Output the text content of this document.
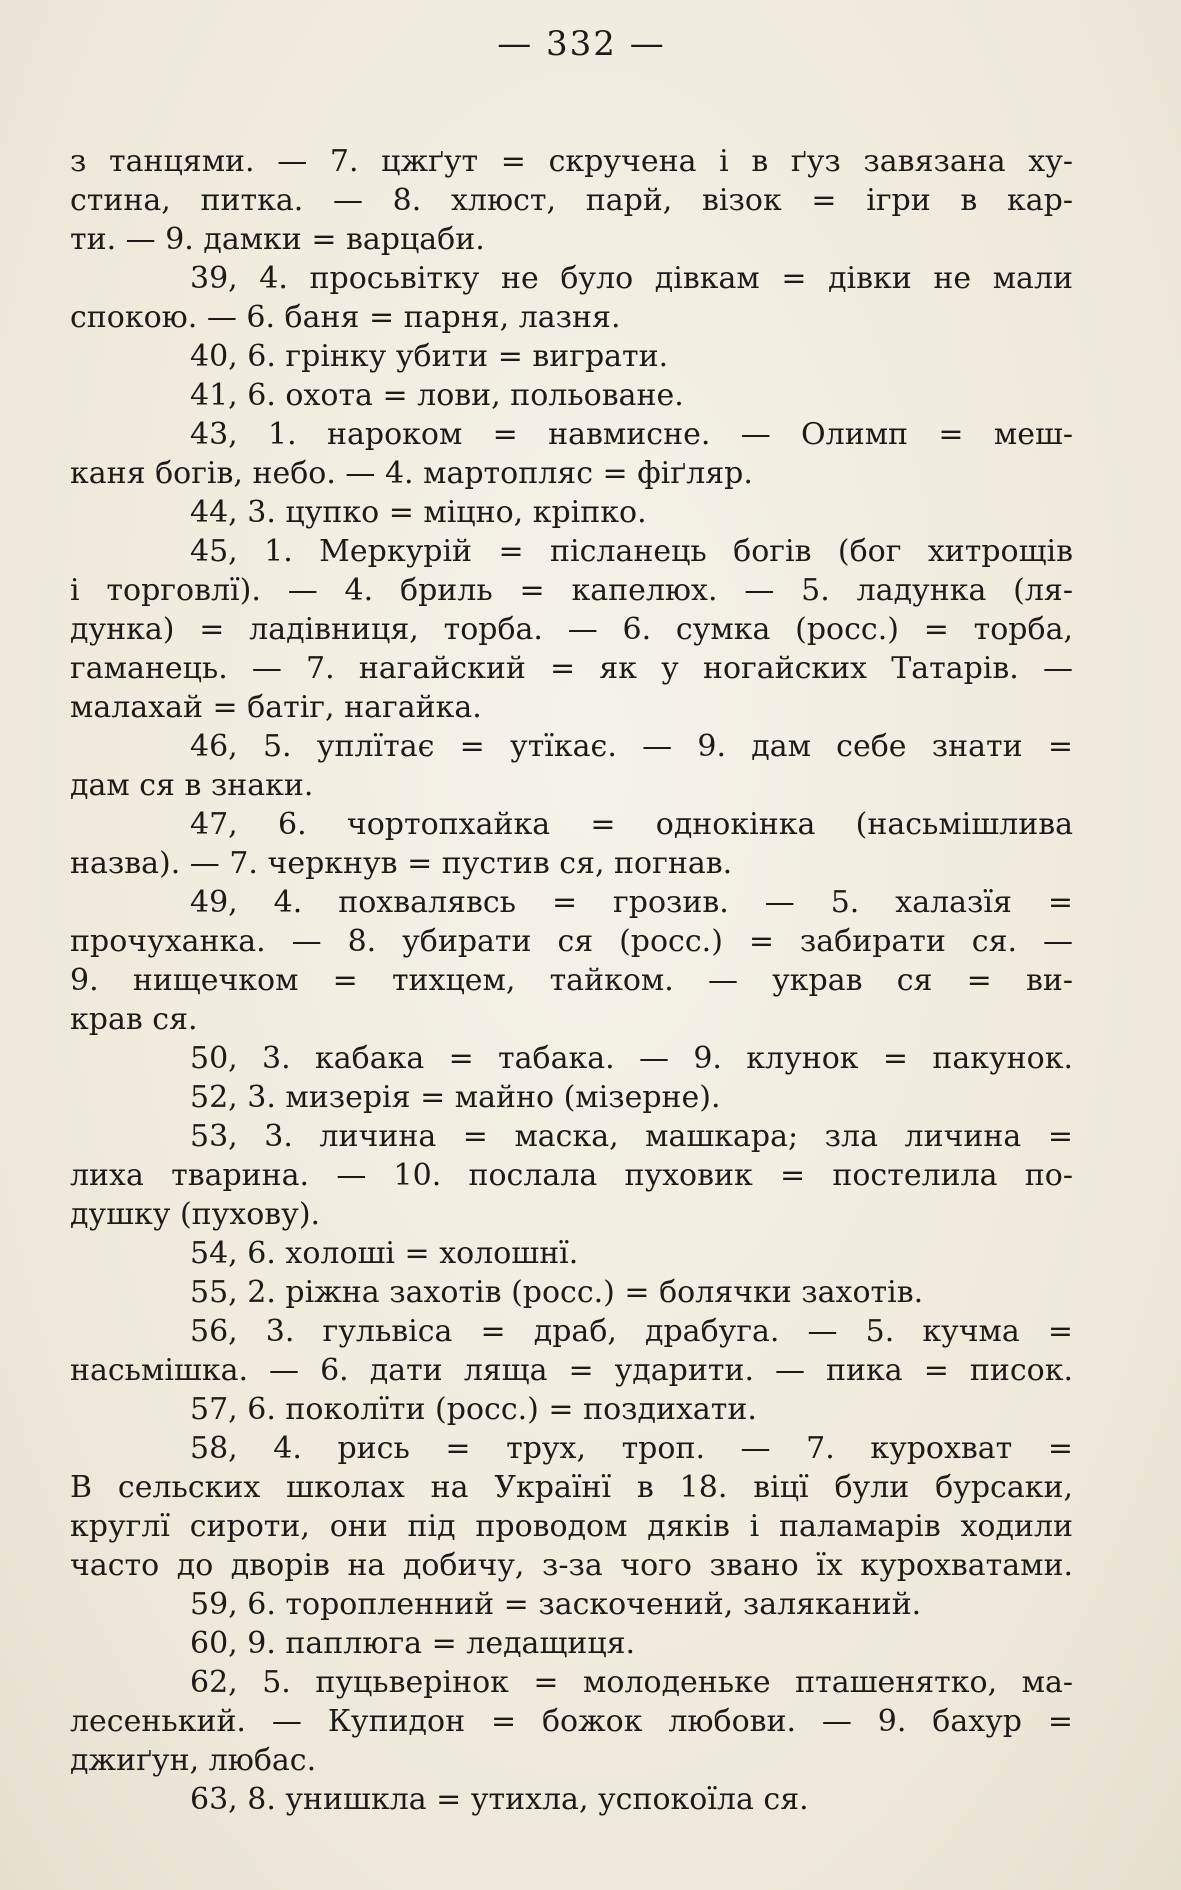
— 332 —
з танцями. — 7. цжґут = скручена і в ґуз завязана ху-
стина, питка. — 8. хлюст, парй, візок = ігри в кар-
ти. — 9. дамки = варцаби.
39, 4. просьвітку не було дівкам = дівки не мали
спокою. — 6. баня = парня, лазня.
40, 6. грінку убити = виграти.
41, 6. охота = лови, польоване.
43, 1. нароком = навмисне. — Олимп = меш-
каня богів, небо. — 4. мартопляс = фіґляр.
44, 3. цупко = міцно, кріпко.
45, 1. Меркурій = післанець богів (бог хитрощів
і торговлї). — 4. бриль = капелюх. — 5. ладунка (ля-
дунка) = ладівниця, торба. — 6. сумка (росс.) = торба,
гаманець. — 7. нагайский = як у ногайских Татарів. —
малахай = батіг, нагайка.
46, 5. уплїтає = утїкає. — 9. дам себе знати =
дам ся в знаки.
47, 6. чортопхайка = однокінка (насьмішлива
назва). — 7. черкнув = пустив ся, погнав.
49, 4. похвалявсь = грозив. — 5. халазїя =
прочуханка. — 8. убирати ся (росс.) = забирати ся. —
9. нищечком = тихцем, тайком. — украв ся = ви-
крав ся.
50, 3. кабака = табака. — 9. клунок = пакунок.
52, 3. мизерія = майно (мізерне).
53, 3. личина = маска, машкара; зла личина =
лиха тварина. — 10. послала пуховик = постелила по-
душку (пухову).
54, 6. холоші = холошнї.
55, 2. ріжна захотів (росс.) = болячки захотів.
56, 3. гульвіса = драб, драбуга. — 5. кучма =
насьмішка. — 6. дати ляща = ударити. — пика = писок.
57, 6. поколїти (росс.) = поздихати.
58, 4. рись = трух, троп. — 7. курохват =
В сельских школах на Українї в 18. віцї були бурсаки,
круглї сироти, они під проводом дяків і паламарів ходили
часто до дворів на добичу, з-за чого звано їх курохватами.
59, 6. торопленний = заскочений, заляканий.
60, 9. паплюга = ледащиця.
62, 5. пуцьверінок = молоденьке пташенятко, ма-
лесенький. — Купидон = божок любови. — 9. бахур =
джиґун, любас.
63, 8. унишкла = утихла, успокоїла ся.
